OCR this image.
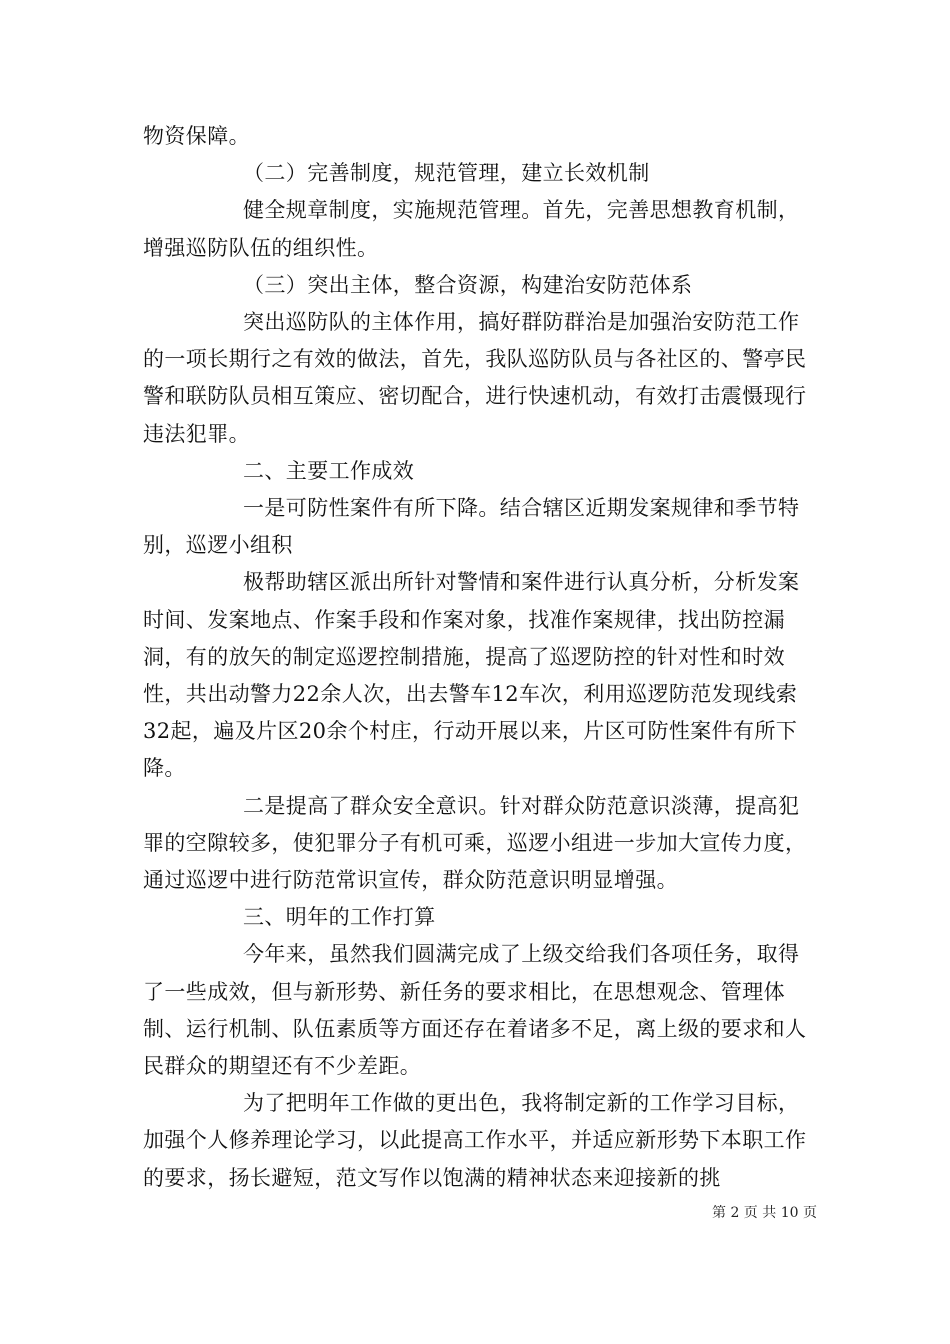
物资保障。

（二）完善制度，规范管理，建立长效机制

健全规章制度，实施规范管理。首先，完善思想教育机制，增强巡防队伍的组织性。

（三）突出主体，整合资源，构建治安防范体系

突出巡防队的主体作用，搞好群防群治是加强治安防范工作的一项长期行之有效的做法，首先，我队巡防队员与各社区的、警亭民警和联防队员相互策应、密切配合，进行快速机动，有效打击震慑现行违法犯罪。

二、主要工作成效

一是可防性案件有所下降。结合辖区近期发案规律和季节特别，巡逻小组积

极帮助辖区派出所针对警情和案件进行认真分析，分析发案时间、发案地点、作案手段和作案对象，找准作案规律，找出防控漏洞，有的放矢的制定巡逻控制措施，提高了巡逻防控的针对性和时效性，共出动警力22余人次，出去警车12车次，利用巡逻防范发现线索32起，遍及片区20余个村庄，行动开展以来，片区可防性案件有所下降。

二是提高了群众安全意识。针对群众防范意识淡薄，提高犯罪的空隙较多，使犯罪分子有机可乘，巡逻小组进一步加大宣传力度，通过巡逻中进行防范常识宣传，群众防范意识明显增强。

三、明年的工作打算

今年来，虽然我们圆满完成了上级交给我们各项任务，取得了一些成效，但与新形势、新任务的要求相比，在思想观念、管理体制、运行机制、队伍素质等方面还存在着诸多不足，离上级的要求和人民群众的期望还有不少差距。

为了把明年工作做的更出色，我将制定新的工作学习目标，加强个人修养理论学习，以此提高工作水平，并适应新形势下本职工作的要求，扬长避短，范文写作以饱满的精神状态来迎接新的挑

第 2 页 共 10 页
